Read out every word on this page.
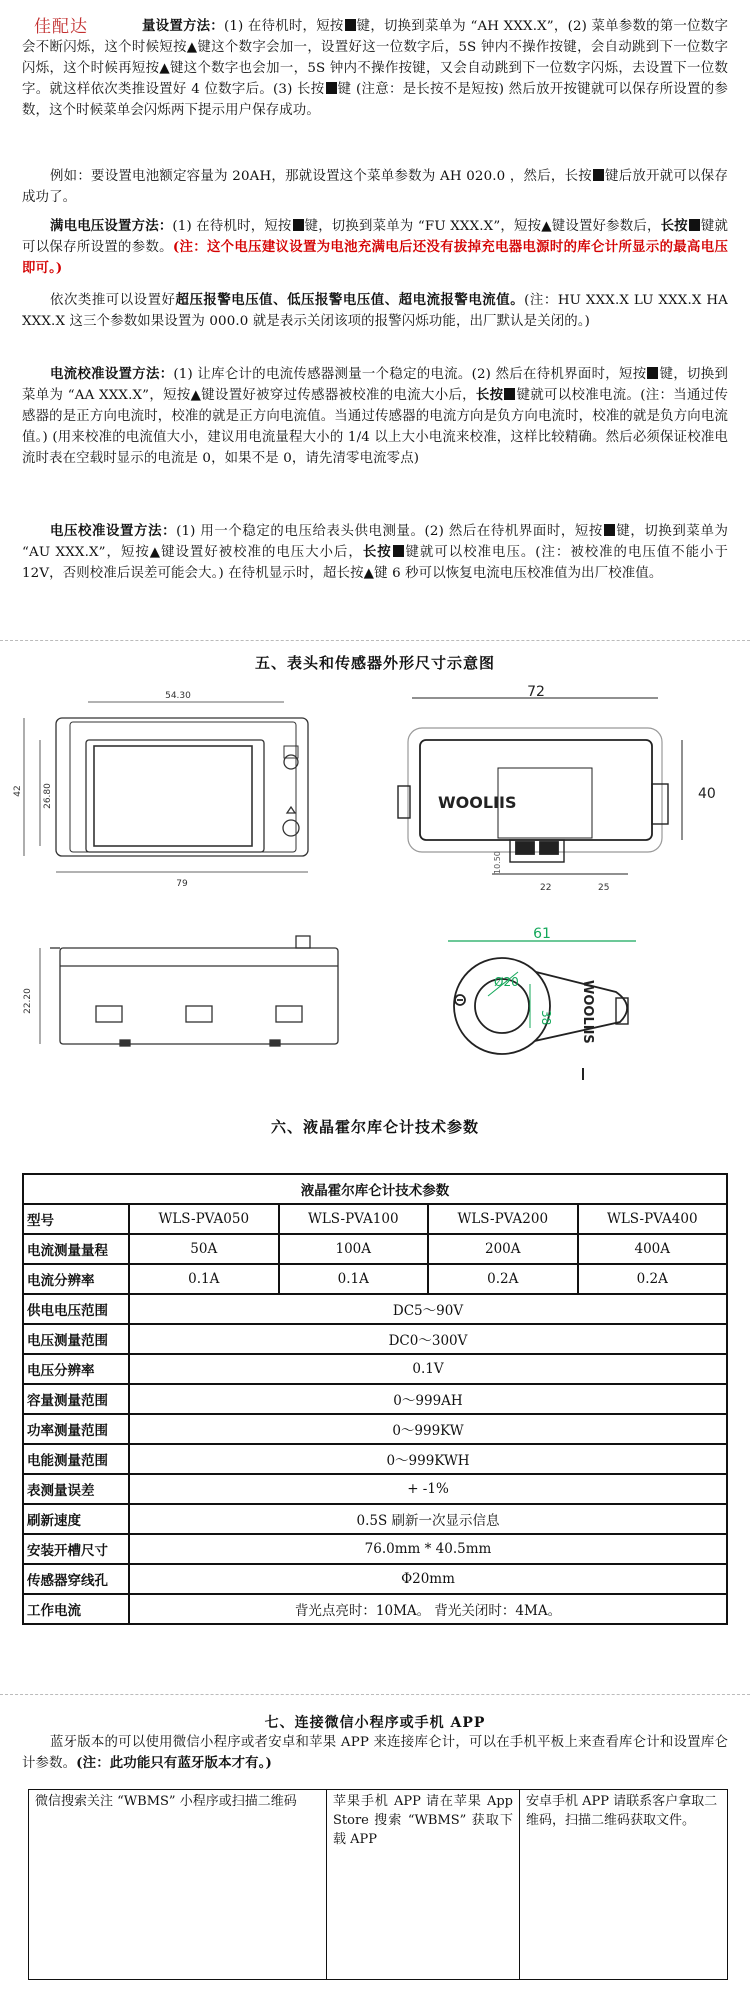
佳配达	量设置方法：(1) 在待机时，短按 键，切换到菜单为 “AH XXX.X”，(2) 菜单参数的第一位数字会不断闪烁，这个时候短按▲键这个数字会加一，设置好这一位数字后，5S 钟内不操作按键，会自动跳到下一位数字闪烁，这个时候再短按▲键这个数字也会加一，5S 钟内不操作按键，又会自动跳到下一位数字闪烁，去设置下一位数字。就这样依次类推设置好 4 位数字后。(3) 长按 键 (注意：是长按不是短按) 然后放开按键就可以保存所设置的参数，这个时候菜单会闪烁两下提示用户保存成功。
例如：要设置电池额定容量为 20AH，那就设置这个菜单参数为 AH 020.0 ，然后，长按 键后放开就可以保存成功了。
满电电压设置方法：(1) 在待机时，短按 键，切换到菜单为 “FU XXX.X”，短按▲键设置好参数后，长按 键就可以保存所设置的参数。(注：这个电压建议设置为电池充满电后还没有拔掉充电器电源时的库仑计所显示的最高电压即可。)
依次类推可以设置好超压报警电压值、低压报警电压值、超电流报警电流值。(注：HU XXX.X LU XXX.X HA XXX.X 这三个参数如果设置为 000.0 就是表示关闭该项的报警闪烁功能，出厂默认是关闭的。)
电流校准设置方法：(1) 让库仑计的电流传感器测量一个稳定的电流。(2) 然后在待机界面时，短按 键，切换到菜单为 “AA XXX.X”，短按▲键设置好被穿过传感器被校准的电流大小后，长按 键就可以校准电流。(注：当通过传感器的是正方向电流时，校准的就是正方向电流值。当通过传感器的电流方向是负方向电流时，校准的就是负方向电流值。) (用来校准的电流值大小，建议用电流量程大小的 1/4 以上大小电流来校准，这样比较精确。然后必须保证校准电流时表在空载时显示的电流是 0，如果不是 0，请先清零电流零点)
电压校准设置方法：(1) 用一个稳定的电压给表头供电测量。(2) 然后在待机界面时，短按 键，切换到菜单为 “AU XXX.X”，短按▲键设置好被校准的电压大小后，长按 键就可以校准电压。(注：被校准的电压值不能小于 12V，否则校准后误差可能会大。) 在待机显示时，超长按▲键 6 秒可以恢复电流电压校准值为出厂校准值。
五、表头和传感器外形尺寸示意图
54.30
26.80
42
79
22.20
72
WOOLIIS	40
10.50
22	25
61
Ø20
38 WOOLIIS
六、液晶霍尔库仑计技术参数
液晶霍尔库仑计技术参数				
型号	WLS-PVA050	WLS-PVA100	WLS-PVA200	WLS-PVA400
电流测量量程	50A	100A	200A	400A
电流分辨率	0.1A	0.1A	0.2A	0.2A
供电电压范围	DC5～90V			
电压测量范围	DC0～300V			
电压分辨率	0.1V			
容量测量范围	0～999AH			
功率测量范围	0～999KW			
电能测量范围	0～999KWH			
表测量误差	+ -1%			
刷新速度	0.5S 刷新一次显示信息			
安装开槽尺寸	76.0mm * 40.5mm			
传感器穿线孔	Φ20mm			
工作电流	背光点亮时：10MA。 背光关闭时：4MA。			
七、连接微信小程序或手机 APP
蓝牙版本的可以使用微信小程序或者安卓和苹果 APP 来连接库仑计，可以在手机平板上来查看库仑计和设置库仑计参数。(注：此功能只有蓝牙版本才有。)
微信搜索关注 “WBMS” 小程序或扫描二维码	苹果手机 APP 请在苹果 App Store 搜索 “WBMS” 获取下载 APP	安卓手机 APP 请联系客户拿取二维码，扫描二维码获取文件。
